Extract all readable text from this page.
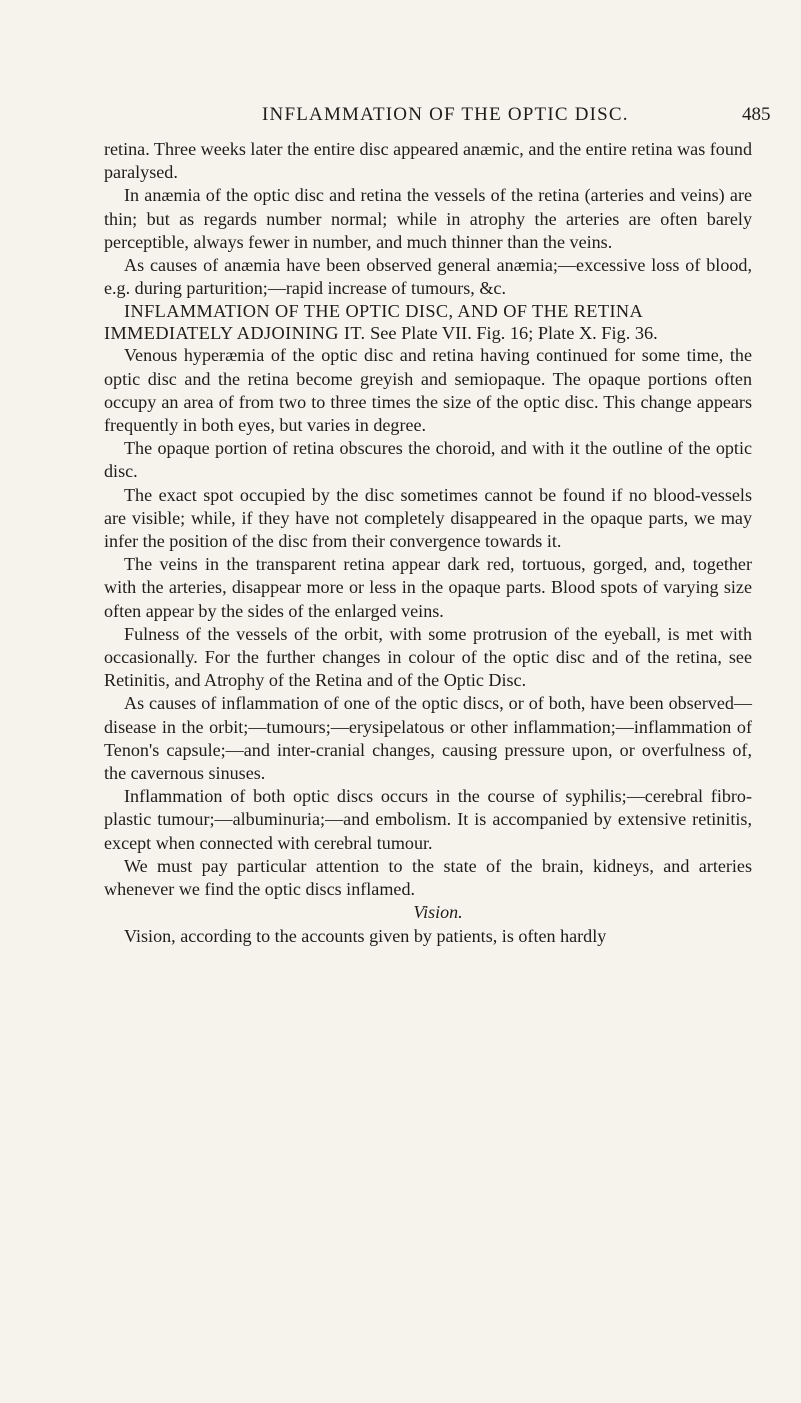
INFLAMMATION OF THE OPTIC DISC.	485

retina. Three weeks later the entire disc appeared anæmic, and the entire retina was found paralysed.

In anæmia of the optic disc and retina the vessels of the retina (arteries and veins) are thin; but as regards number normal; while in atrophy the arteries are often barely perceptible, always fewer in number, and much thinner than the veins.

As causes of anæmia have been observed general anæmia;—excessive loss of blood, e.g. during parturition;—rapid increase of tumours, &c.

INFLAMMATION OF THE OPTIC DISC, AND OF THE RETINA IMMEDIATELY ADJOINING IT. See Plate VII. Fig. 16; Plate X. Fig. 36.

Venous hyperæmia of the optic disc and retina having continued for some time, the optic disc and the retina become greyish and semiopaque. The opaque portions often occupy an area of from two to three times the size of the optic disc. This change appears frequently in both eyes, but varies in degree.

The opaque portion of retina obscures the choroid, and with it the outline of the optic disc.

The exact spot occupied by the disc sometimes cannot be found if no blood-vessels are visible; while, if they have not completely disappeared in the opaque parts, we may infer the position of the disc from their convergence towards it.

The veins in the transparent retina appear dark red, tortuous, gorged, and, together with the arteries, disappear more or less in the opaque parts. Blood spots of varying size often appear by the sides of the enlarged veins.

Fulness of the vessels of the orbit, with some protrusion of the eyeball, is met with occasionally. For the further changes in colour of the optic disc and of the retina, see Retinitis, and Atrophy of the Retina and of the Optic Disc.

As causes of inflammation of one of the optic discs, or of both, have been observed—disease in the orbit;—tumours;—erysipelatous or other inflammation;—inflammation of Tenon's capsule;—and inter-cranial changes, causing pressure upon, or overfulness of, the cavernous sinuses.

Inflammation of both optic discs occurs in the course of syphilis;—cerebral fibro-plastic tumour;—albuminuria;—and embolism. It is accompanied by extensive retinitis, except when connected with cerebral tumour.

We must pay particular attention to the state of the brain, kidneys, and arteries whenever we find the optic discs inflamed.

Vision.

Vision, according to the accounts given by patients, is often hardly
